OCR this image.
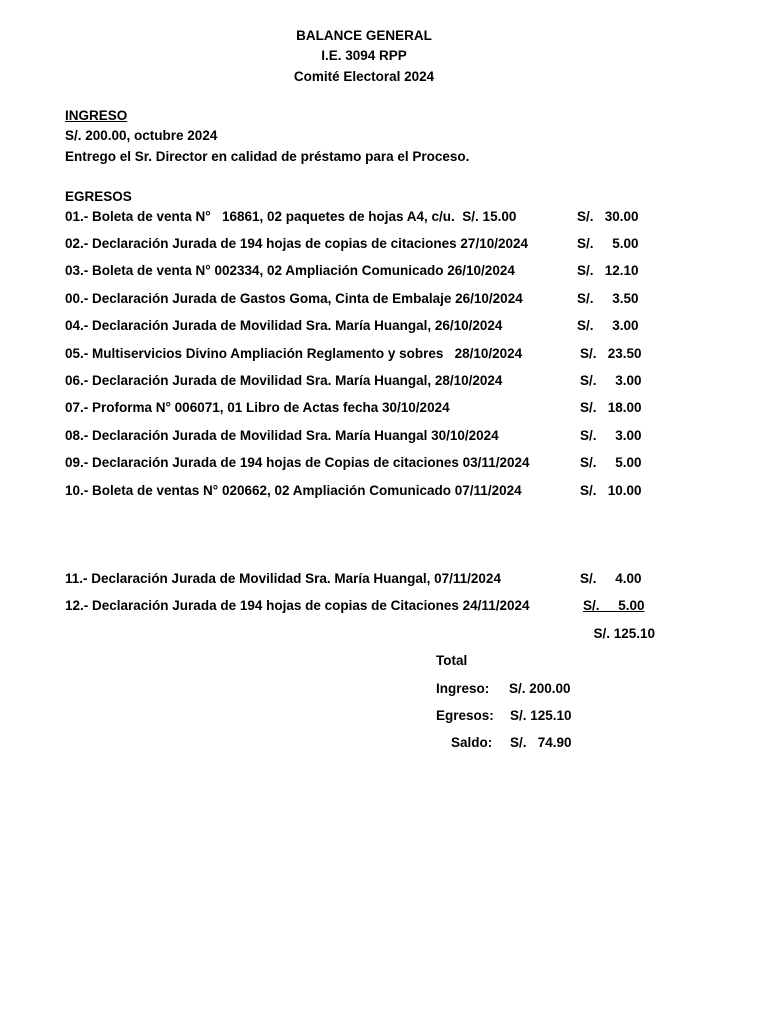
BALANCE GENERAL
I.E. 3094 RPP
Comité Electoral 2024
INGRESO
S/. 200.00, octubre 2024
Entrego el Sr. Director en calidad de préstamo para el Proceso.
EGRESOS
01.- Boleta de venta N°   16861, 02 paquetes de hojas A4, c/u.  S/. 15.00	S/.   30.00
02.- Declaración Jurada de 194 hojas de copias de citaciones 27/10/2024	S/.     5.00
03.- Boleta de venta N° 002334, 02 Ampliación Comunicado 26/10/2024	S/.   12.10
00.- Declaración Jurada de Gastos Goma, Cinta de Embalaje 26/10/2024	S/.     3.50
04.- Declaración Jurada de Movilidad Sra. María Huangal, 26/10/2024	S/.     3.00
05.- Multiservicios Divino Ampliación Reglamento y sobres   28/10/2024	S/.   23.50
06.- Declaración Jurada de Movilidad Sra. María Huangal, 28/10/2024	S/.     3.00
07.- Proforma N° 006071, 01 Libro de Actas fecha 30/10/2024	S/.   18.00
08.- Declaración Jurada de Movilidad Sra. María Huangal 30/10/2024	S/.     3.00
09.- Declaración Jurada de 194 hojas de Copias de citaciones 03/11/2024	S/.     5.00
10.- Boleta de ventas N° 020662, 02 Ampliación Comunicado 07/11/2024	S/.   10.00
11.- Declaración Jurada de Movilidad Sra. María Huangal, 07/11/2024	S/.     4.00
12.- Declaración Jurada de 194 hojas de copias de Citaciones 24/11/2024	S/.     5.00
S/. 125.10
Total
Ingreso: S/. 200.00
Egresos: S/. 125.10
Saldo: S/.   74.90
